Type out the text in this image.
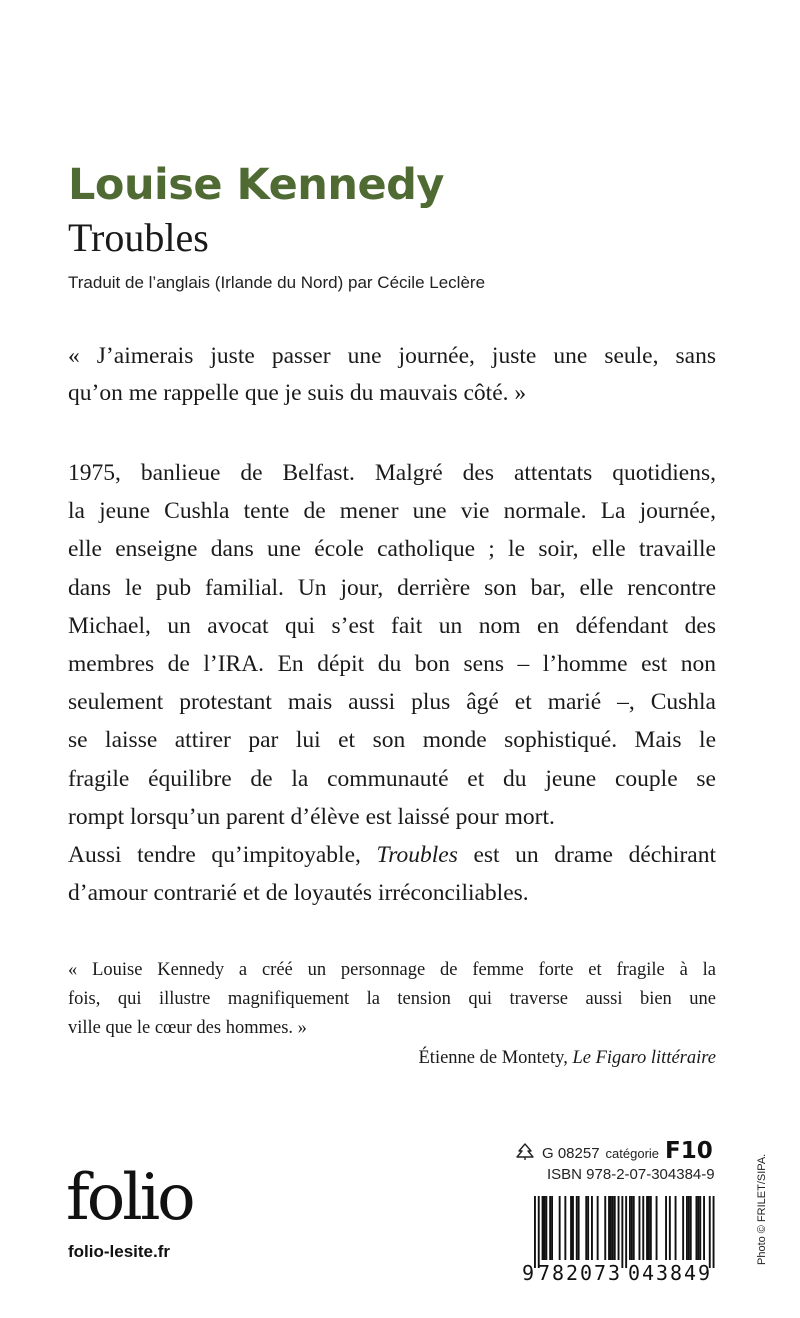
Louise Kennedy
Troubles
Traduit de l’anglais (Irlande du Nord) par Cécile Leclère

« J’aimerais juste passer une journée, juste une seule, sans
qu’on me rappelle que je suis du mauvais côté. »

1975, banlieue de Belfast. Malgré des attentats quotidiens,
la jeune Cushla tente de mener une vie normale. La journée,
elle enseigne dans une école catholique ; le soir, elle travaille
dans le pub familial. Un jour, derrière son bar, elle rencontre
Michael, un avocat qui s’est fait un nom en défendant des
membres de l’IRA. En dépit du bon sens – l’homme est non
seulement protestant mais aussi plus âgé et marié –, Cushla
se laisse attirer par lui et son monde sophistiqué. Mais le
fragile équilibre de la communauté et du jeune couple se
rompt lorsqu’un parent d’élève est laissé pour mort.
Aussi tendre qu’impitoyable, Troubles est un drame déchirant
d’amour contrarié et de loyautés irréconciliables.

« Louise Kennedy a créé un personnage de femme forte et fragile à la
fois, qui illustre magnifiquement la tension qui traverse aussi bien une
ville que le cœur des hommes. »

Étienne de Montety, Le Figaro littéraire
folio
folio-lesite.fr
G 08257 catégorie F10
ISBN 978-2-07-304384-9
9 782073 043849
Photo © FRILET/SIPA.
